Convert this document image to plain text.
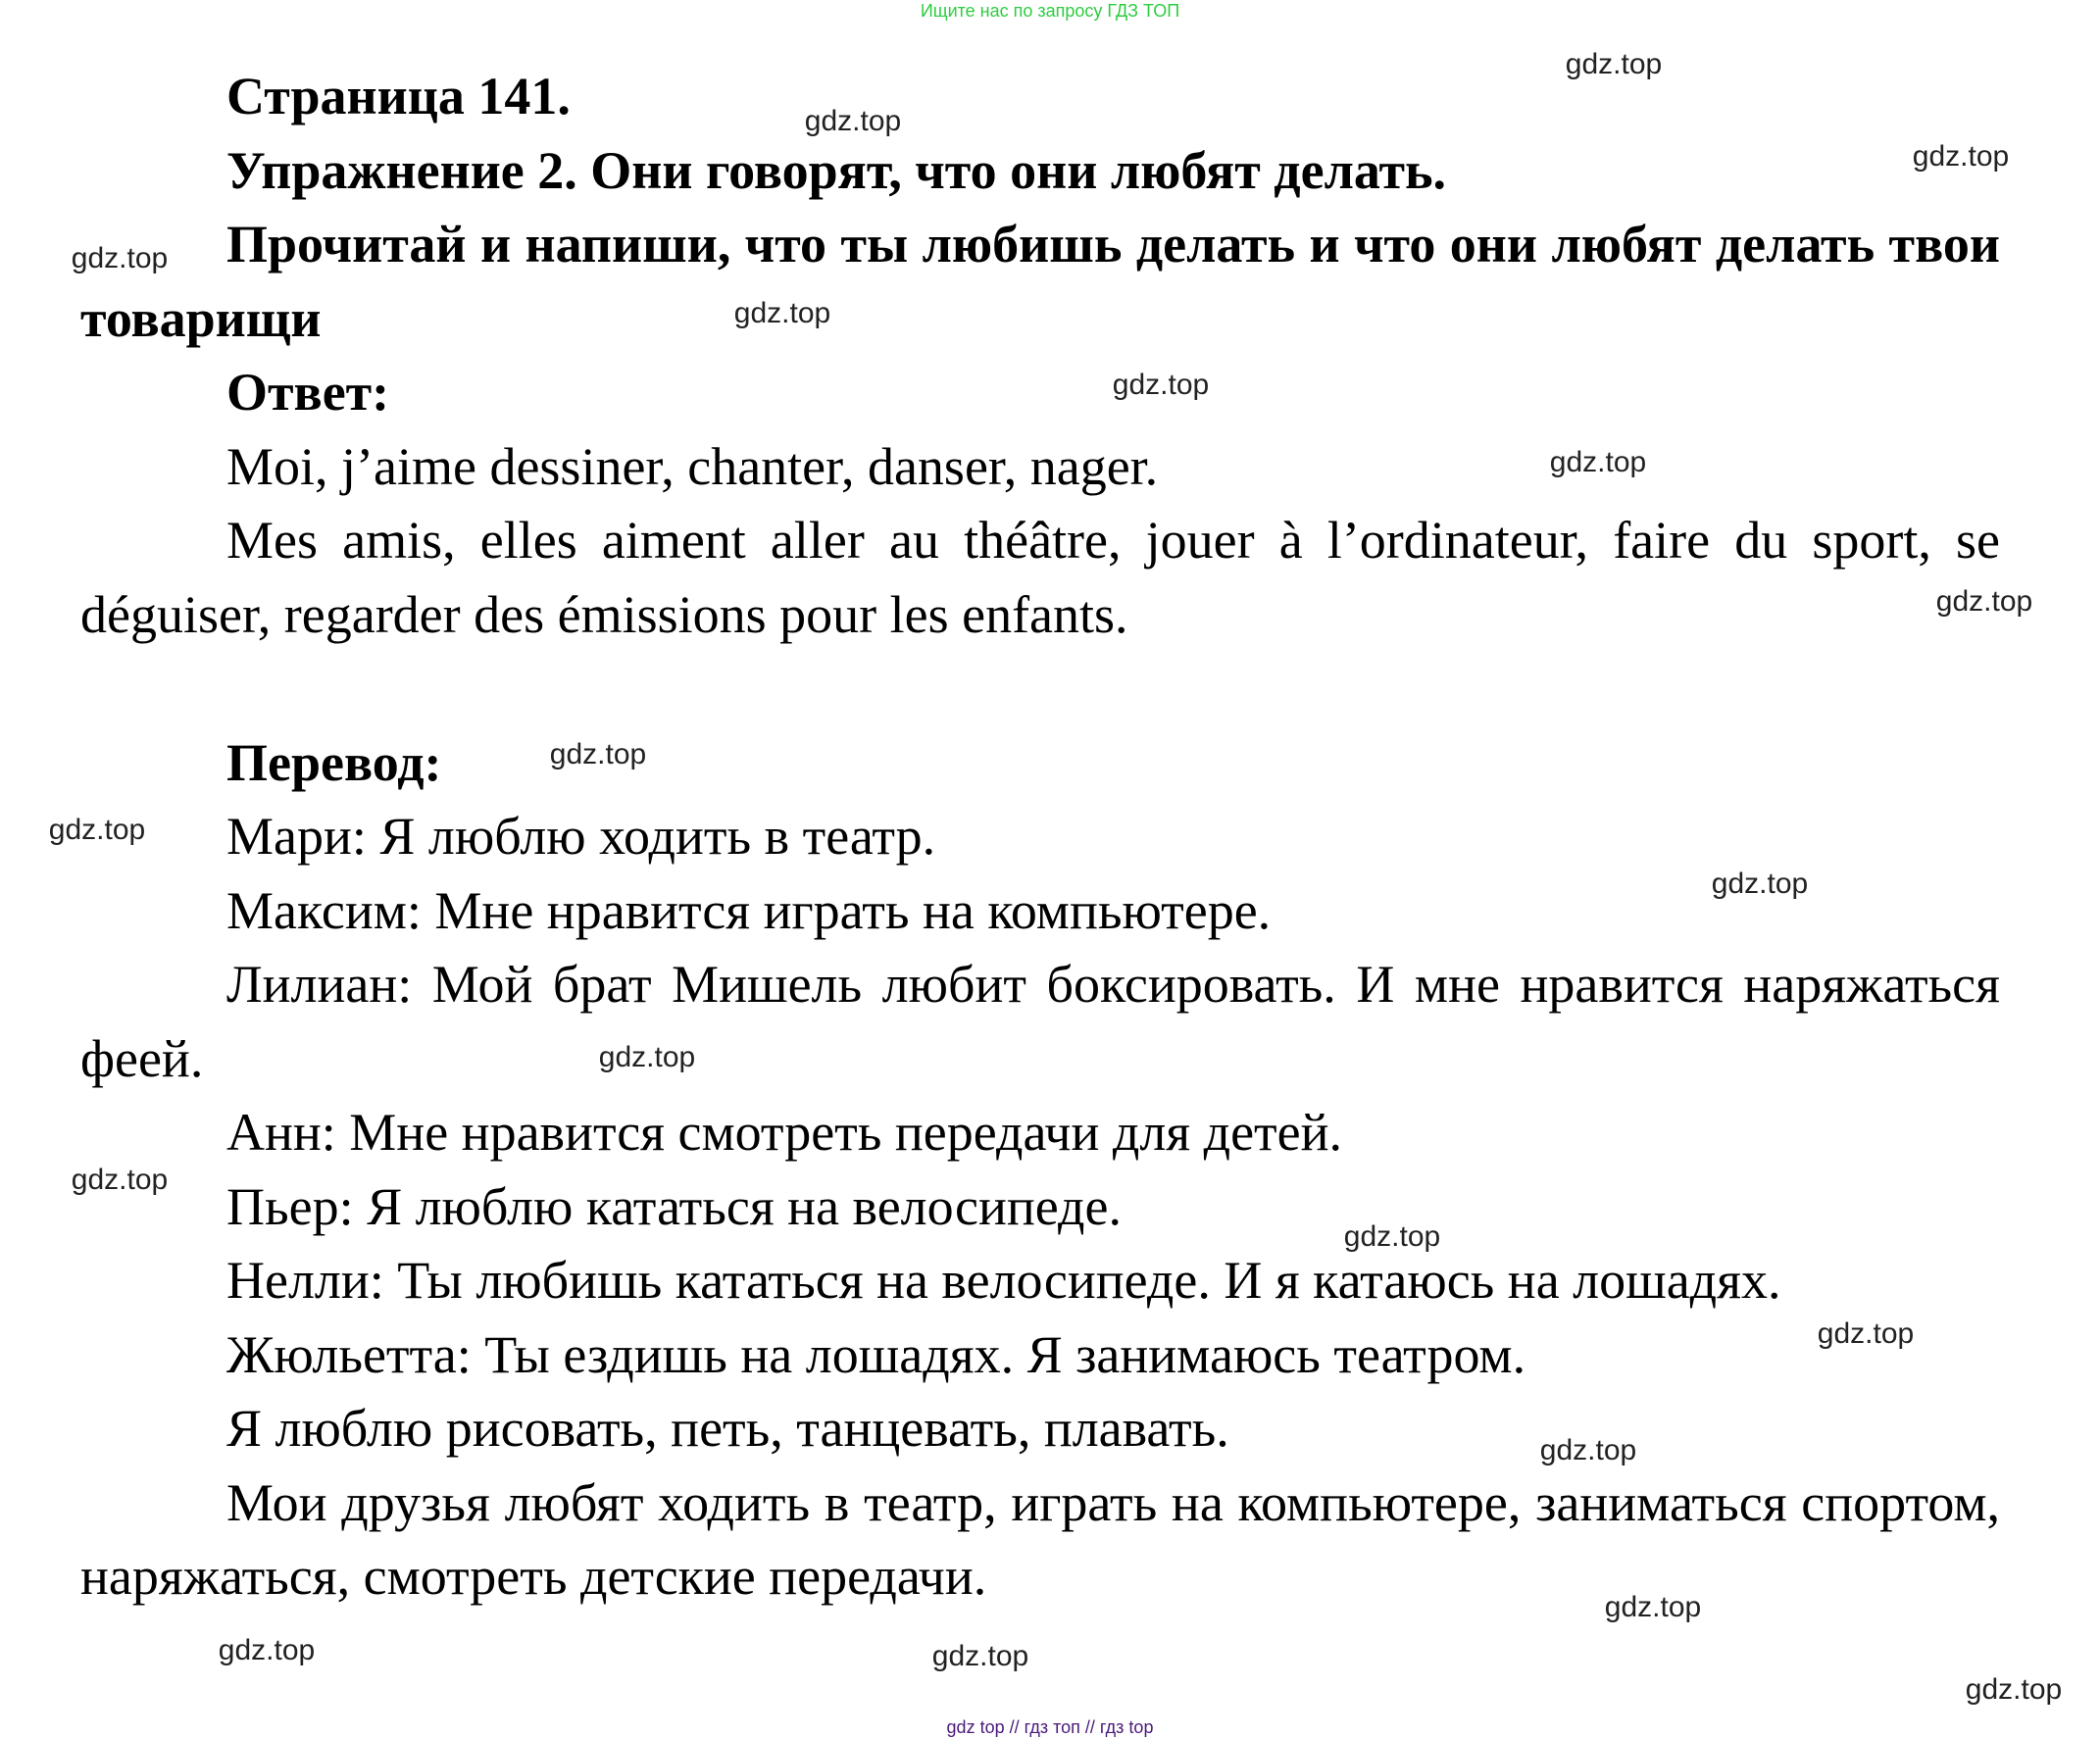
Ищите нас по запросу ГДЗ ТОП

Страница 141.

Упражнение 2. Они говорят, что они любят делать.

Прочитай и напиши, что ты любишь делать и что они любят делать твои товарищи

Ответ:

Moi, j’aime dessiner, chanter, danser, nager.

Mes amis, elles aiment aller au théâtre, jouer à l’ordinateur, faire du sport, se déguiser, regarder des émissions pour les enfants.

Перевод:

Мари: Я люблю ходить в театр.

Максим: Мне нравится играть на компьютере.

Лилиан: Мой брат Мишель любит боксировать. И мне нравится наряжаться феей.

Анн: Мне нравится смотреть передачи для детей.

Пьер: Я люблю кататься на велосипеде.

Нелли: Ты любишь кататься на велосипеде. И я катаюсь на лошадях.

Жюльетта: Ты ездишь на лошадях. Я занимаюсь театром.

Я люблю рисовать, петь, танцевать, плавать.

Мои друзья любят ходить в театр, играть на компьютере, заниматься спортом, наряжаться, смотреть детские передачи.

gdz.top
gdz.top
gdz.top
gdz.top
gdz.top
gdz.top
gdz.top
gdz.top
gdz.top
gdz.top
gdz.top
gdz.top
gdz.top
gdz.top
gdz.top
gdz.top
gdz.top
gdz.top
gdz.top
gdz.top
gdz top // гдз топ // гдз top
